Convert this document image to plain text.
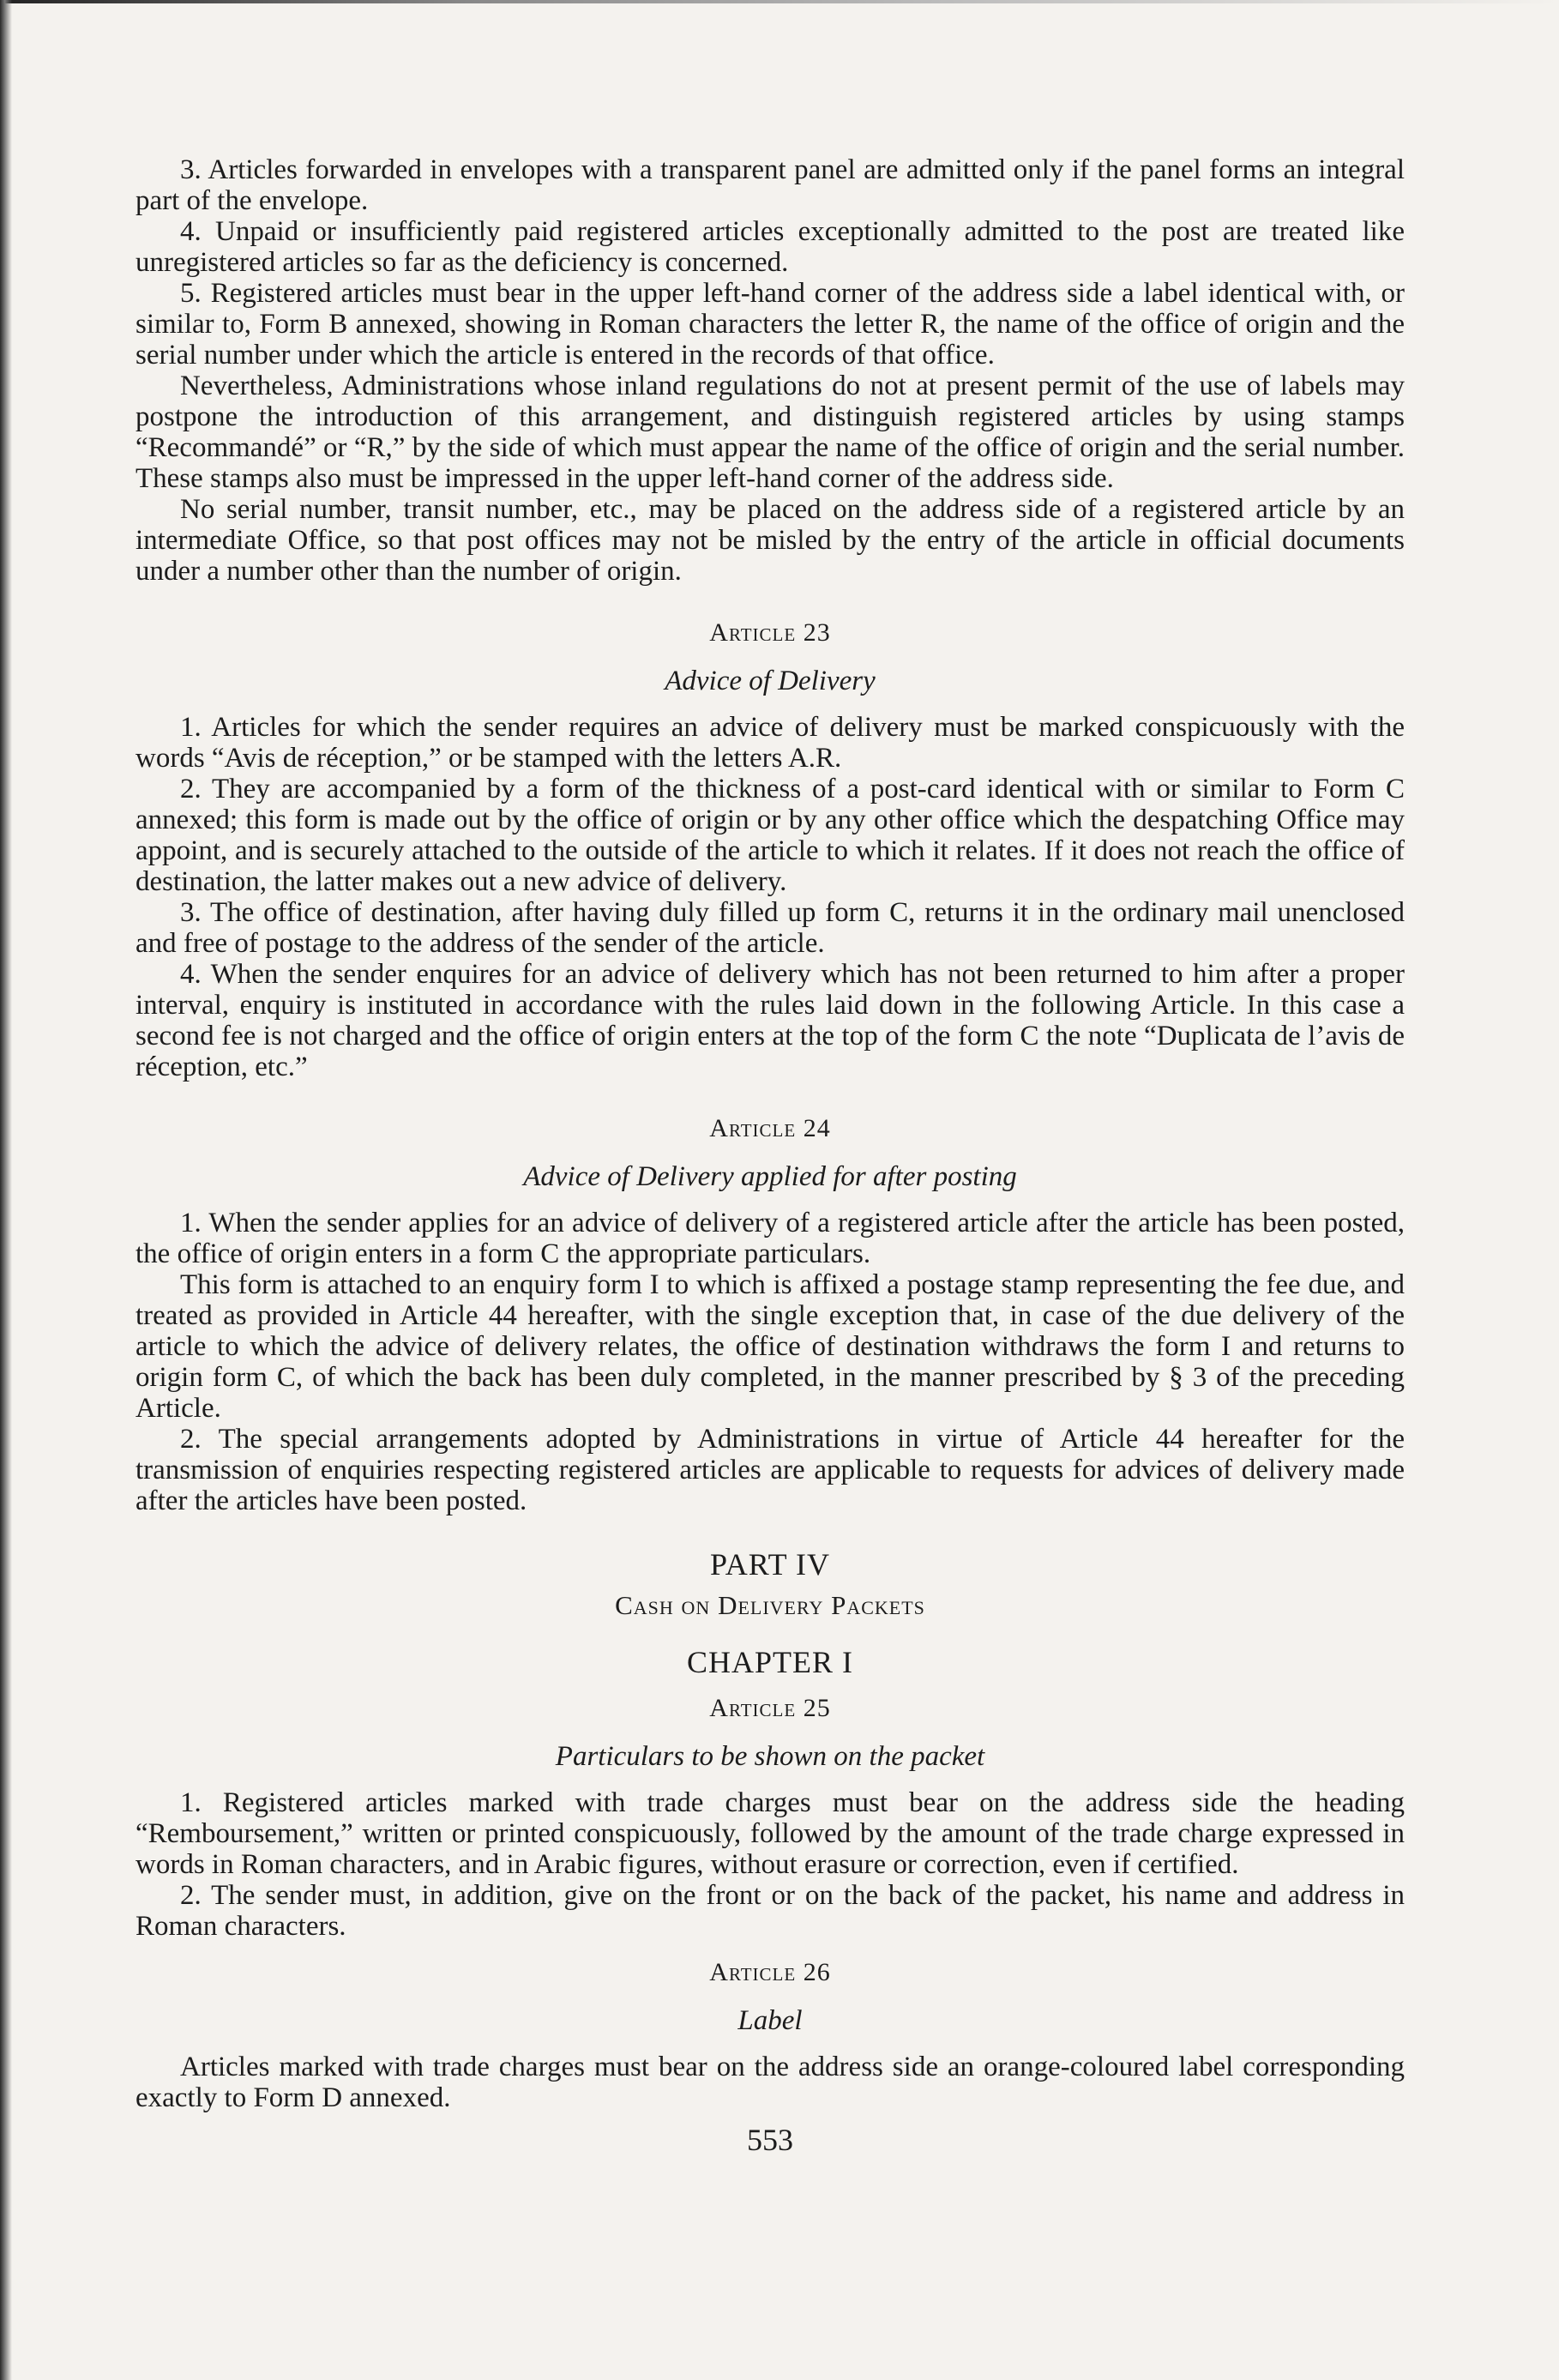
3. Articles forwarded in envelopes with a transparent panel are admitted only if the panel forms an integral part of the envelope.

4. Unpaid or insufficiently paid registered articles exceptionally admitted to the post are treated like unregistered articles so far as the deficiency is concerned.

5. Registered articles must bear in the upper left-hand corner of the address side a label identical with, or similar to, Form B annexed, showing in Roman characters the letter R, the name of the office of origin and the serial number under which the article is entered in the records of that office.

Nevertheless, Administrations whose inland regulations do not at present permit of the use of labels may postpone the introduction of this arrangement, and distinguish registered articles by using stamps “Recommandé” or “R,” by the side of which must appear the name of the office of origin and the serial number. These stamps also must be impressed in the upper left-hand corner of the address side.

No serial number, transit number, etc., may be placed on the address side of a registered article by an intermediate Office, so that post offices may not be misled by the entry of the article in official documents under a number other than the number of origin.

Article 23
Advice of Delivery

1. Articles for which the sender requires an advice of delivery must be marked conspicuously with the words “Avis de réception,” or be stamped with the letters A.R.

2. They are accompanied by a form of the thickness of a post-card identical with or similar to Form C annexed; this form is made out by the office of origin or by any other office which the despatching Office may appoint, and is securely attached to the outside of the article to which it relates. If it does not reach the office of destination, the latter makes out a new advice of delivery.

3. The office of destination, after having duly filled up form C, returns it in the ordinary mail unenclosed and free of postage to the address of the sender of the article.

4. When the sender enquires for an advice of delivery which has not been returned to him after a proper interval, enquiry is instituted in accordance with the rules laid down in the following Article. In this case a second fee is not charged and the office of origin enters at the top of the form C the note “Duplicata de l’avis de réception, etc.”

Article 24
Advice of Delivery applied for after posting

1. When the sender applies for an advice of delivery of a registered article after the article has been posted, the office of origin enters in a form C the appropriate particulars.

This form is attached to an enquiry form I to which is affixed a postage stamp representing the fee due, and treated as provided in Article 44 hereafter, with the single exception that, in case of the due delivery of the article to which the advice of delivery relates, the office of destination withdraws the form I and returns to origin form C, of which the back has been duly completed, in the manner prescribed by § 3 of the preceding Article.

2. The special arrangements adopted by Administrations in virtue of Article 44 hereafter for the transmission of enquiries respecting registered articles are applicable to requests for advices of delivery made after the articles have been posted.

PART IV
Cash on Delivery Packets
CHAPTER I
Article 25
Particulars to be shown on the packet

1. Registered articles marked with trade charges must bear on the address side the heading “Remboursement,” written or printed conspicuously, followed by the amount of the trade charge expressed in words in Roman characters, and in Arabic figures, without erasure or correction, even if certified.

2. The sender must, in addition, give on the front or on the back of the packet, his name and address in Roman characters.

Article 26
Label

Articles marked with trade charges must bear on the address side an orange-coloured label corresponding exactly to Form D annexed.

553
